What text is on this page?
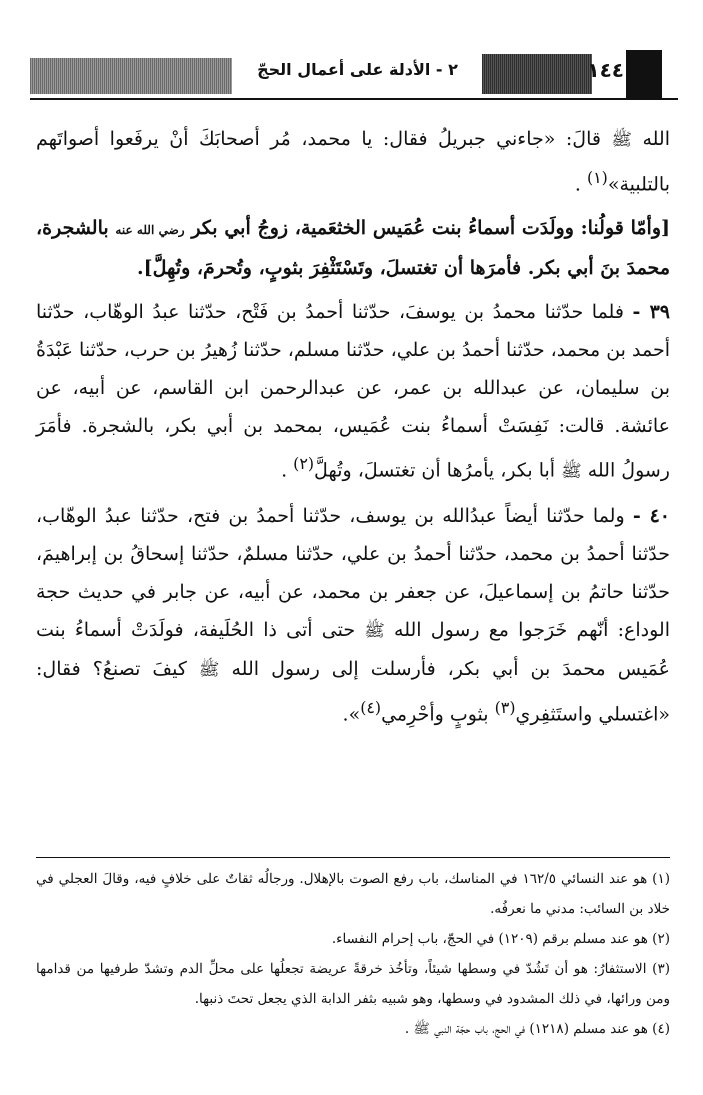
٢ - الأدلة على أعمال الحجّ	١٤٤

الله ﷺ قالَ: «جاءني جبريلُ فقال: يا محمد، مُر أصحابَكَ أنْ يرفَعوا أصواتَهم بالتلبية»$^{(١)}$ .

[وأمّا قولُنا: وولَدَت أسماءُ بنت عُمَيس الخثعَمية، زوجُ أبي بكر رضي الله عنه بالشجرة، محمدَ بنَ أبي بكر. فأمرَها أن تغتسلَ، وتَسْتَثْفِرَ بثوبٍ، وتُحرمَ، وتُهِلَّ].

٣٩ - فلما حدّثنا محمدُ بن يوسفَ، حدّثنا أحمدُ بن فَتْح، حدّثنا عبدُ الوهّاب، حدّثنا أحمد بن محمد، حدّثنا أحمدُ بن علي، حدّثنا مسلم، حدّثنا زُهيرُ بن حرب، حدّثنا عَبْدَةُ بن سليمان، عن عبدالله بن عمر، عن عبدالرحمن ابن القاسم، عن أبيه، عن عائشة. قالت: نَفِسَتْ أسماءُ بنت عُمَيس، بمحمد بن أبي بكر، بالشجرة. فأمَرَ رسولُ الله ﷺ أبا بكر، يأمرُها أن تغتسلَ، وتُهلَّ$^{(٢)}$ .

٤٠ - ولما حدّثنا أيضاً عبدُالله بن يوسف، حدّثنا أحمدُ بن فتح، حدّثنا عبدُ الوهّاب، حدّثنا أحمدُ بن محمد، حدّثنا أحمدُ بن علي، حدّثنا مسلمٌ، حدّثنا إسحاقُ بن إبراهيمَ، حدّثنا حاتمُ بن إسماعيلَ، عن جعفر بن محمد، عن أبيه، عن جابر في حديث حجة الوداع: أنّهم خَرَجوا مع رسول الله ﷺ حتى أتى ذا الحُلَيفة، فولَدَتْ أسماءُ بنت عُمَيس محمدَ بن أبي بكر، فأرسلت إلى رسول الله ﷺ كيفَ تصنعُ؟ فقال: «اغتسلي واستَثفِري$^{(٣)}$ بثوبٍ وأحْرِمي$^{(٤)}$».

(١) هو عند النسائي ١٦٢/٥ في المناسك، باب رفع الصوت بالإهلال. ورجالُه ثقاتٌ على خلافٍ فيه، وقالَ العجلي في خلاد بن السائب: مدني ما نعرفُه.

(٢) هو عند مسلم برقم (١٢٠٩) في الحجّ، باب إحرام النفساء.

(٣) الاستثفارُ: هو أن تَشُدّ في وسطها شيئاً، وتأخُذ خرقةً عريضة تجعلُها على محلِّ الدم وتشدّ طرفيها من قدامها ومن ورائها، في ذلك المشدود في وسطها، وهو شبيه بثفر الدابة الذي يجعل تحتَ ذنبها.

(٤) هو عند مسلم (١٢١٨) في الحج، باب حجّة النبي ﷺ .
